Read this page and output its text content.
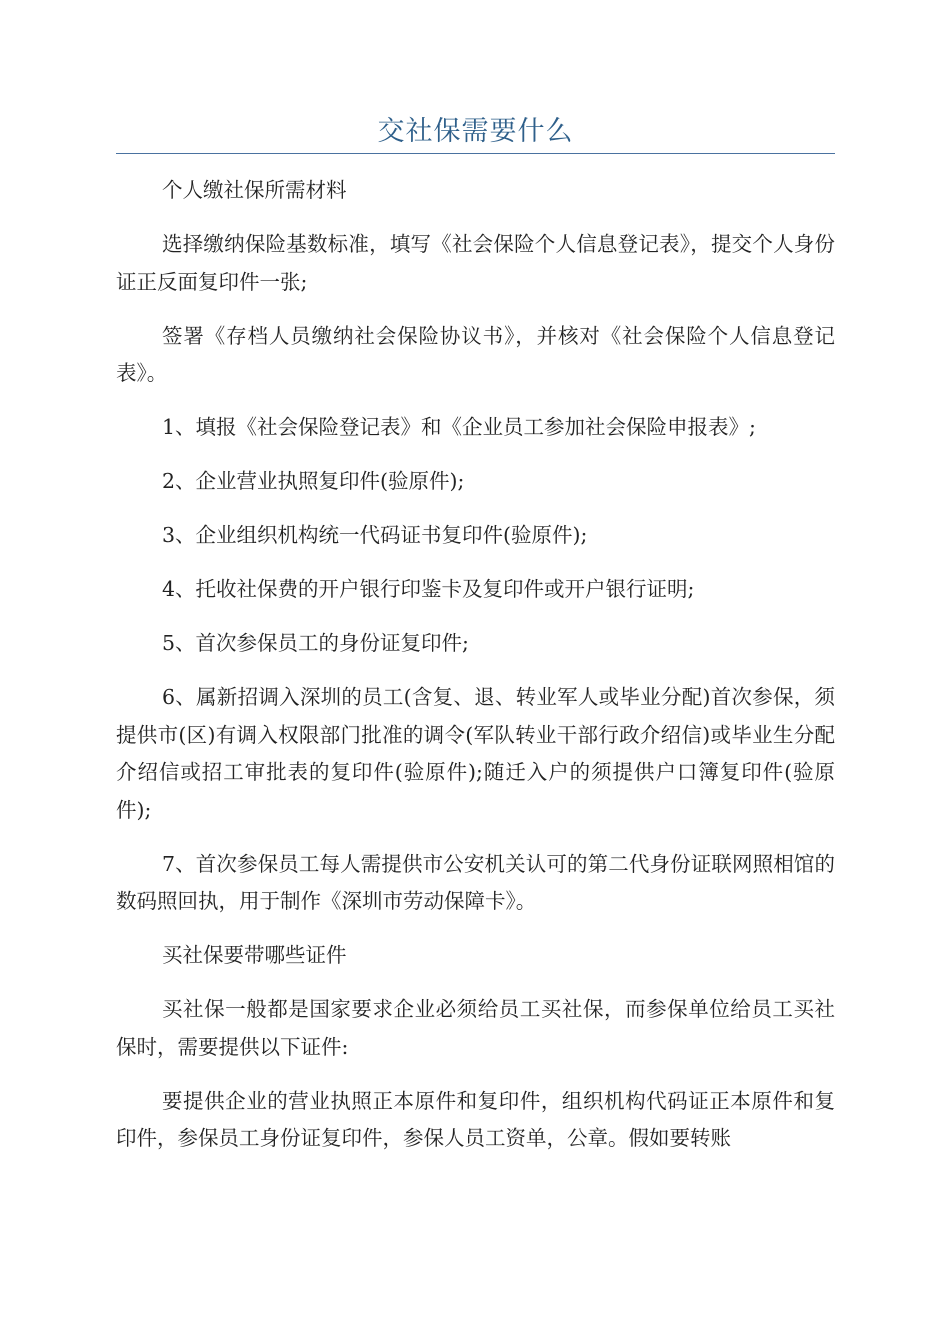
交社保需要什么

个人缴社保所需材料

选择缴纳保险基数标准，填写《社会保险个人信息登记表》，提交个人身份证正反面复印件一张;

签署《存档人员缴纳社会保险协议书》，并核对《社会保险个人信息登记表》。

1、填报《社会保险登记表》和《企业员工参加社会保险申报表》;

2、企业营业执照复印件(验原件);

3、企业组织机构统一代码证书复印件(验原件);

4、托收社保费的开户银行印鉴卡及复印件或开户银行证明;

5、首次参保员工的身份证复印件;

6、属新招调入深圳的员工(含复、退、转业军人或毕业分配)首次参保，须提供市(区)有调入权限部门批准的调令(军队转业干部行政介绍信)或毕业生分配介绍信或招工审批表的复印件(验原件);随迁入户的须提供户口簿复印件(验原件);

7、首次参保员工每人需提供市公安机关认可的第二代身份证联网照相馆的数码照回执，用于制作《深圳市劳动保障卡》。

买社保要带哪些证件

买社保一般都是国家要求企业必须给员工买社保，而参保单位给员工买社保时，需要提供以下证件:

要提供企业的营业执照正本原件和复印件，组织机构代码证正本原件和复印件，参保员工身份证复印件，参保人员工资单，公章。假如要转账
